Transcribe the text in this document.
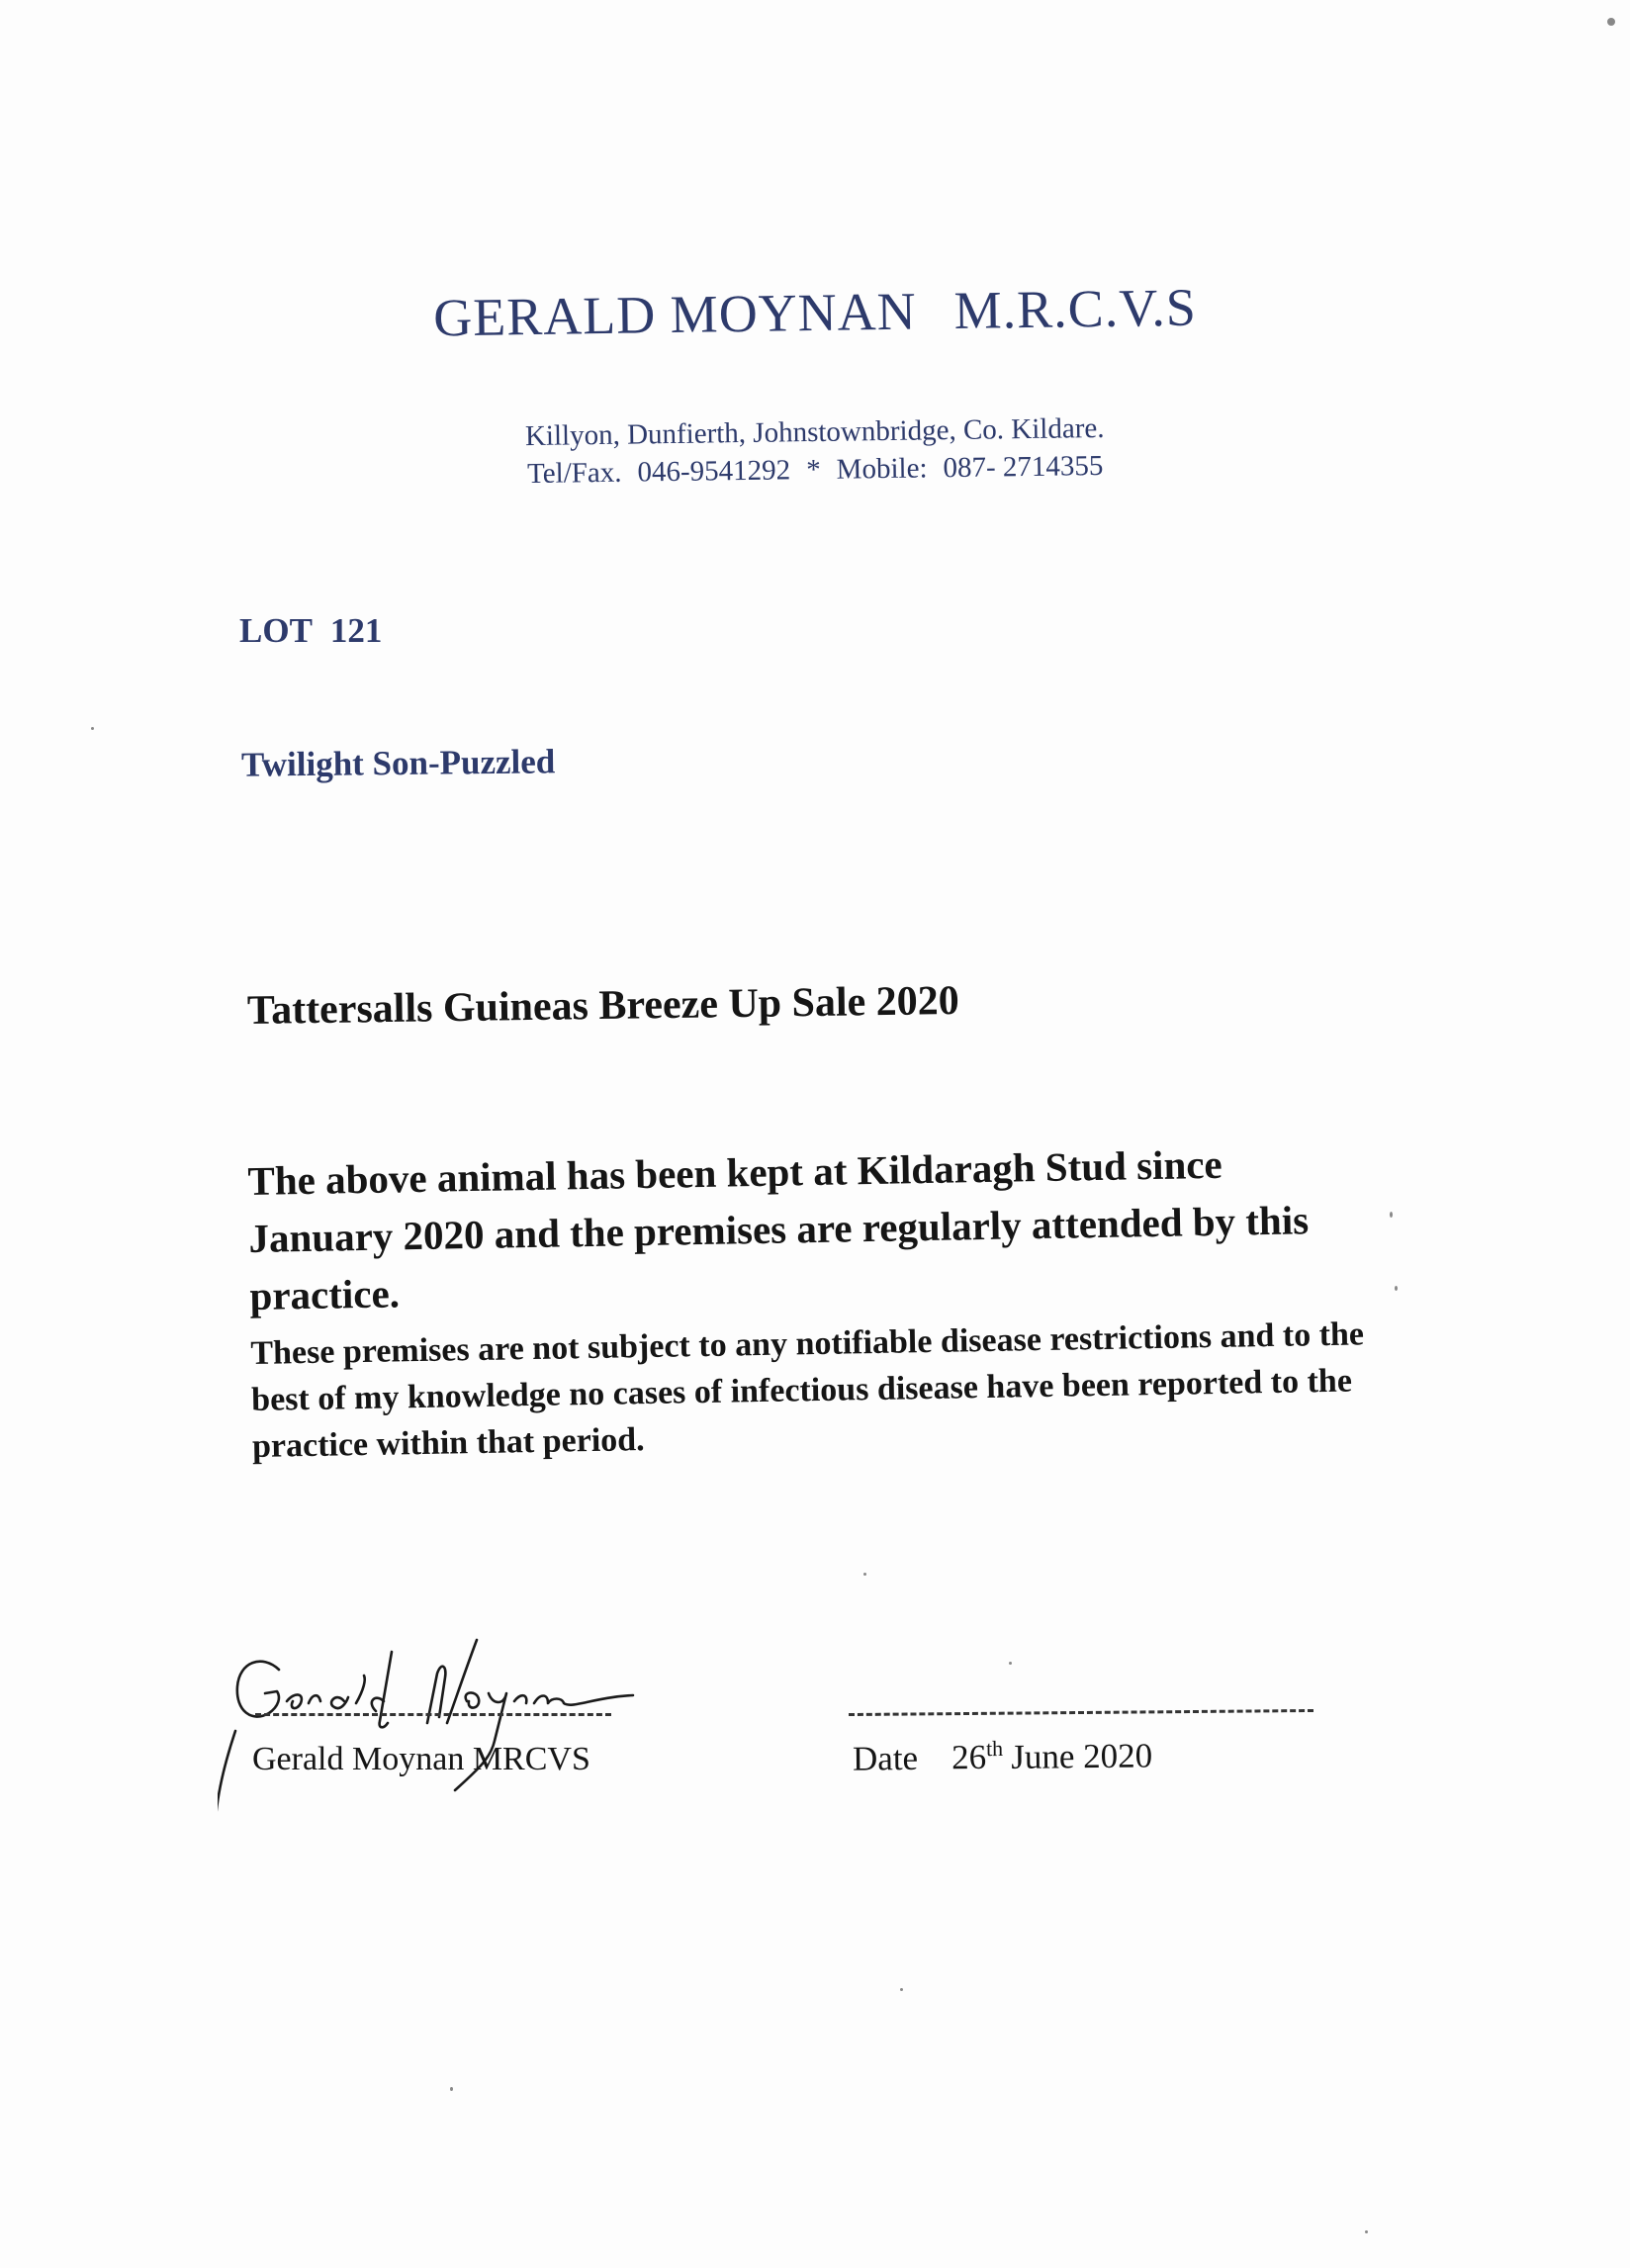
GERALD MOYNAN M.R.C.V.S
Killyon, Dunfierth, Johnstownbridge, Co. Kildare.
Tel/Fax. 046-9541292 * Mobile: 087- 2714355
LOT 121
Twilight Son-Puzzled
Tattersalls Guineas Breeze Up Sale 2020
The above animal has been kept at Kildaragh Stud since January 2020 and the premises are regularly attended by this practice.
These premises are not subject to any notifiable disease restrictions and to the best of my knowledge no cases of infectious disease have been reported to the practice within that period.
Gerald Moynan MRCVS	Date 26th June 2020
